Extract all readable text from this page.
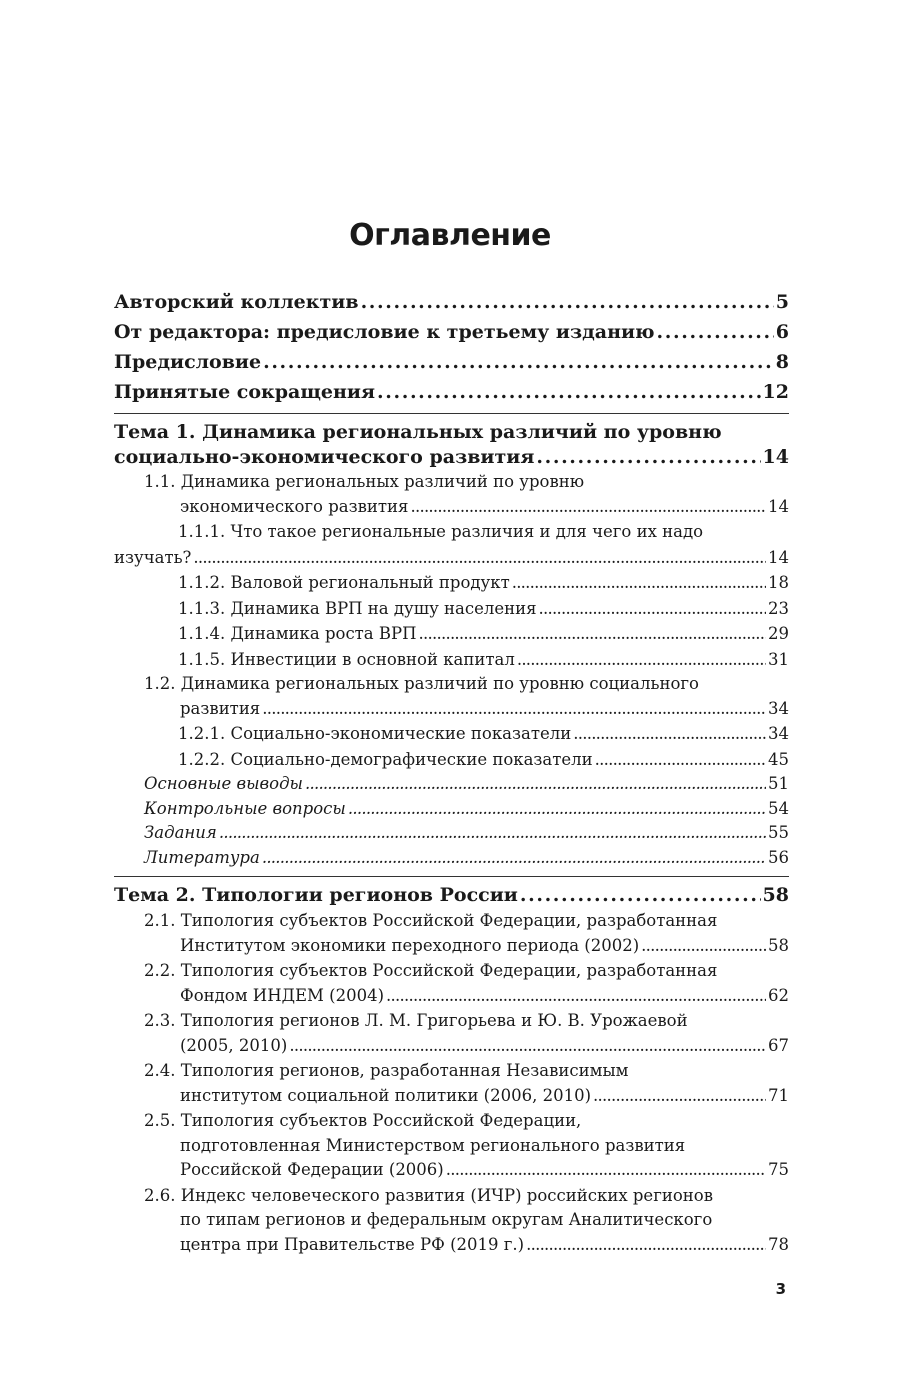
Оглавление
Авторский коллектив . . .	5
От редактора: предисловие к третьему изданию . . .	6
Предисловие . . .	8
Принятые сокращения . . .	12
Тема 1. Динамика региональных различий по уровню
социально-экономического развития . . .	14
1.1. Динамика региональных различий по уровню
экономического развития . . .	14
1.1.1. Что такое региональные различия и для чего их надо
изучать? . . .	14
1.1.2. Валовой региональный продукт . . .	18
1.1.3. Динамика ВРП на душу населения . . .	23
1.1.4. Динамика роста ВРП . . .	29
1.1.5. Инвестиции в основной капитал . . .	31
1.2. Динамика региональных различий по уровню социального
развития . . .	34
1.2.1. Социально-экономические показатели . . .	34
1.2.2. Социально-демографические показатели . . .	45
Основные выводы . . .	51
Контрольные вопросы . . .	54
Задания . . .	55
Литература . . .	56
Тема 2. Типологии регионов России . . .	58
2.1. Типология субъектов Российской Федерации, разработанная
Институтом экономики переходного периода (2002) . . .	58
2.2. Типология субъектов Российской Федерации, разработанная
Фондом ИНДЕМ (2004) . . .	62
2.3. Типология регионов Л. М. Григорьева и Ю. В. Урожаевой
(2005, 2010) . . .	67
2.4. Типология регионов, разработанная Независимым
институтом социальной политики (2006, 2010) . . .	71
2.5. Типология субъектов Российской Федерации,
подготовленная Министерством регионального развития
Российской Федерации (2006) . . .	75
2.6. Индекс человеческого развития (ИЧР) российских регионов
по типам регионов и федеральным округам Аналитического
центра при Правительстве РФ (2019 г.) . . .	78
3
